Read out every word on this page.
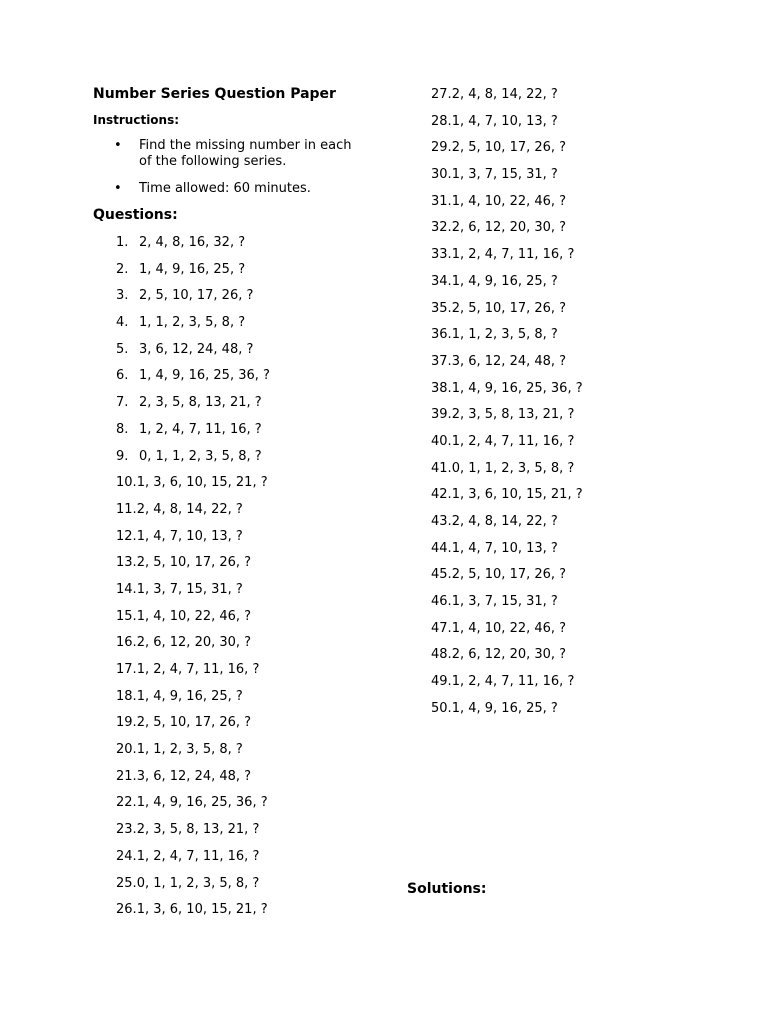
Number Series Question Paper
Instructions:
• Find the missing number in each of the following series.
• Time allowed: 60 minutes.
Questions:
1. 2, 4, 8, 16, 32, ?
2. 1, 4, 9, 16, 25, ?
3. 2, 5, 10, 17, 26, ?
4. 1, 1, 2, 3, 5, 8, ?
5. 3, 6, 12, 24, 48, ?
6. 1, 4, 9, 16, 25, 36, ?
7. 2, 3, 5, 8, 13, 21, ?
8. 1, 2, 4, 7, 11, 16, ?
9. 0, 1, 1, 2, 3, 5, 8, ?
10.1, 3, 6, 10, 15, 21, ?
11.2, 4, 8, 14, 22, ?
12.1, 4, 7, 10, 13, ?
13.2, 5, 10, 17, 26, ?
14.1, 3, 7, 15, 31, ?
15.1, 4, 10, 22, 46, ?
16.2, 6, 12, 20, 30, ?
17.1, 2, 4, 7, 11, 16, ?
18.1, 4, 9, 16, 25, ?
19.2, 5, 10, 17, 26, ?
20.1, 1, 2, 3, 5, 8, ?
21.3, 6, 12, 24, 48, ?
22.1, 4, 9, 16, 25, 36, ?
23.2, 3, 5, 8, 13, 21, ?
24.1, 2, 4, 7, 11, 16, ?
25.0, 1, 1, 2, 3, 5, 8, ?
26.1, 3, 6, 10, 15, 21, ?
27.2, 4, 8, 14, 22, ?
28.1, 4, 7, 10, 13, ?
29.2, 5, 10, 17, 26, ?
30.1, 3, 7, 15, 31, ?
31.1, 4, 10, 22, 46, ?
32.2, 6, 12, 20, 30, ?
33.1, 2, 4, 7, 11, 16, ?
34.1, 4, 9, 16, 25, ?
35.2, 5, 10, 17, 26, ?
36.1, 1, 2, 3, 5, 8, ?
37.3, 6, 12, 24, 48, ?
38.1, 4, 9, 16, 25, 36, ?
39.2, 3, 5, 8, 13, 21, ?
40.1, 2, 4, 7, 11, 16, ?
41.0, 1, 1, 2, 3, 5, 8, ?
42.1, 3, 6, 10, 15, 21, ?
43.2, 4, 8, 14, 22, ?
44.1, 4, 7, 10, 13, ?
45.2, 5, 10, 17, 26, ?
46.1, 3, 7, 15, 31, ?
47.1, 4, 10, 22, 46, ?
48.2, 6, 12, 20, 30, ?
49.1, 2, 4, 7, 11, 16, ?
50.1, 4, 9, 16, 25, ?
Solutions:
